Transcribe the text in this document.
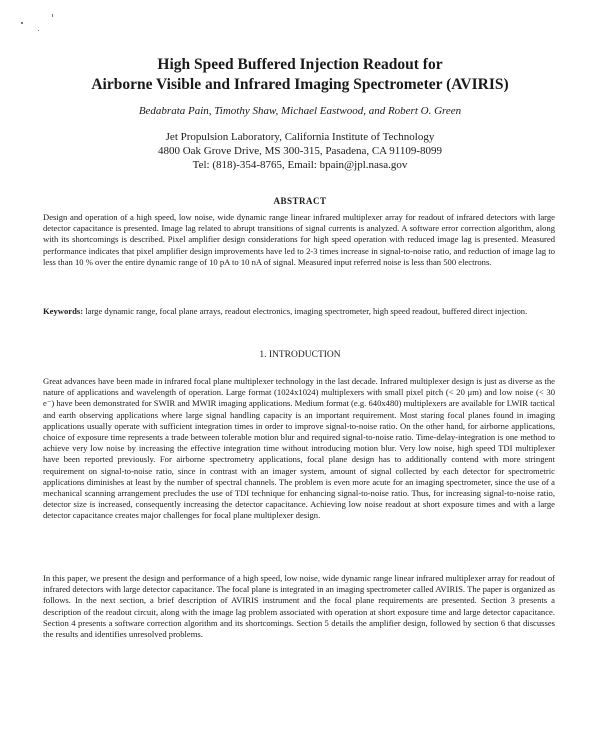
High Speed Buffered Injection Readout for
Airborne Visible and Infrared Imaging Spectrometer (AVIRIS)
Bedabrata Pain, Timothy Shaw, Michael Eastwood, and Robert O. Green
Jet Propulsion Laboratory, California Institute of Technology
4800 Oak Grove Drive, MS 300-315, Pasadena, CA 91109-8099
Tel: (818)-354-8765, Email: bpain@jpl.nasa.gov
ABSTRACT
Design and operation of a high speed, low noise, wide dynamic range linear infrared multiplexer array for readout of infrared detectors with large detector capacitance is presented. Image lag related to abrupt transitions of signal currents is analyzed. A software error correction algorithm, along with its shortcomings is described. Pixel amplifier design considerations for high speed operation with reduced image lag is presented. Measured performance indicates that pixel amplifier design improvements have led to 2-3 times increase in signal-to-noise ratio, and reduction of image lag to less than 10 % over the entire dynamic range of 10 pA to 10 nA of signal. Measured input referred noise is less than 500 electrons.
Keywords: large dynamic range, focal plane arrays, readout electronics, imaging spectrometer, high speed readout, buffered direct injection.
1. INTRODUCTION
Great advances have been made in infrared focal plane multiplexer technology in the last decade. Infrared multiplexer design is just as diverse as the nature of applications and wavelength of operation. Large format (1024x1024) multiplexers with small pixel pitch (< 20 μm) and low noise (< 30 e⁻) have been demonstrated for SWIR and MWIR imaging applications. Medium format (e.g. 640x480) multiplexers are available for LWIR tactical and earth observing applications where large signal handling capacity is an important requirement. Most staring focal planes found in imaging applications usually operate with sufficient integration times in order to improve signal-to-noise ratio. On the other hand, for airborne applications, choice of exposure time represents a trade between tolerable motion blur and required signal-to-noise ratio. Time-delay-integration is one method to achieve very low noise by increasing the effective integration time without introducing motion blur. Very low noise, high speed TDI multiplexer have been reported previously. For airborne spectrometry applications, focal plane design has to additionally contend with more stringent requirement on signal-to-noise ratio, since in contrast with an imager system, amount of signal collected by each detector for spectrometric applications diminishes at least by the number of spectral channels. The problem is even more acute for an imaging spectrometer, since the use of a mechanical scanning arrangement precludes the use of TDI technique for enhancing signal-to-noise ratio. Thus, for increasing signal-to-noise ratio, detector size is increased, consequently increasing the detector capacitance. Achieving low noise readout at short exposure times and with a large detector capacitance creates major challenges for focal plane multiplexer design.
In this paper, we present the design and performance of a high speed, low noise, wide dynamic range linear infrared multiplexer array for readout of infrared detectors with large detector capacitance. The focal plane is integrated in an imaging spectrometer called AVIRIS. The paper is organized as follows. In the next section, a brief description of AVIRIS instrument and the focal plane requirements are presented. Section 3 presents a description of the readout circuit, along with the image lag problem associated with operation at short exposure time and large detector capacitance. Section 4 presents a software correction algorithm and its shortcomings. Section 5 details the amplifier design, followed by section 6 that discusses the results and identifies unresolved problems.
